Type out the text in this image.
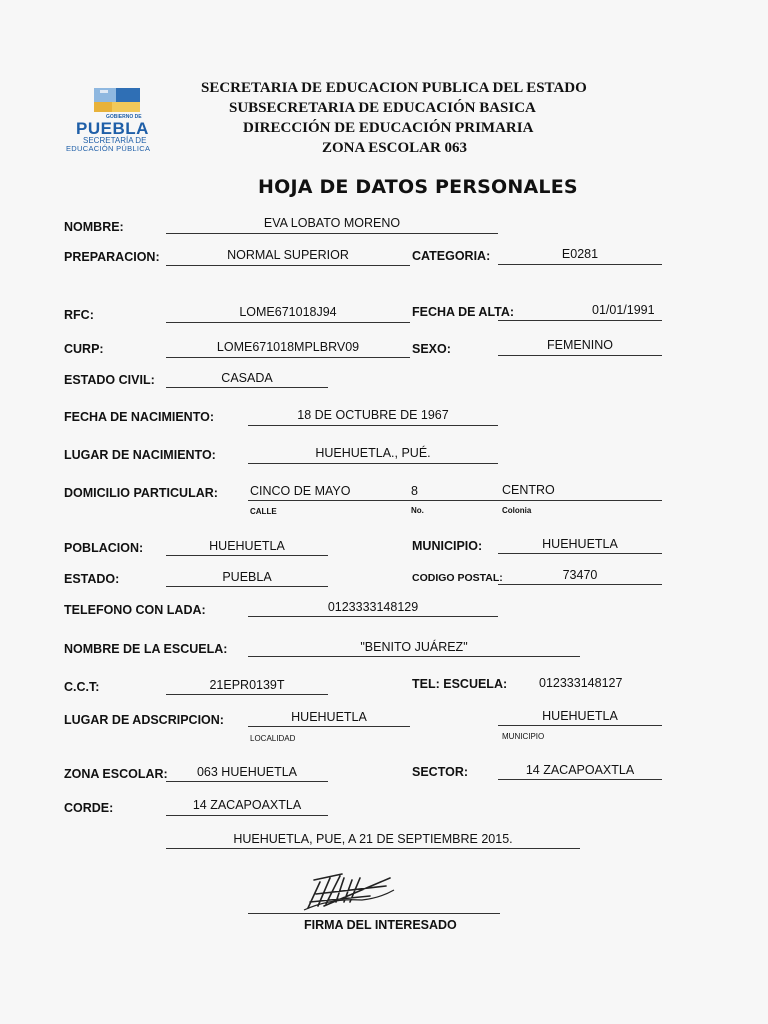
GOBIERNO DE
PUEBLA
SECRETARÍA DE
EDUCACIÓN PÚBLICA
SECRETARIA DE EDUCACION PUBLICA DEL ESTADO
SUBSECRETARIA DE EDUCACIÓN BASICA
DIRECCIÓN DE EDUCACIÓN PRIMARIA
ZONA ESCOLAR 063
HOJA DE DATOS PERSONALES
NOMBRE:	EVA LOBATO MORENO
PREPARACION:	NORMAL SUPERIOR	CATEGORIA:	E0281
RFC:	LOME671018J94	FECHA DE ALTA:	01/01/1991
CURP:	LOME671018MPLBRV09	SEXO:	FEMENINO
ESTADO CIVIL:	CASADA
FECHA DE NACIMIENTO:	18 DE OCTUBRE DE 1967
LUGAR DE NACIMIENTO:	HUEHUETLA., PUÉ.
DOMICILIO PARTICULAR:	CINCO DE MAYO	8	CENTRO
CALLE	No.	Colonia
POBLACION:	HUEHUETLA	MUNICIPIO:	HUEHUETLA
ESTADO:	PUEBLA	CODIGO POSTAL:	73470
TELEFONO CON LADA:	0123333148129
NOMBRE DE LA ESCUELA:	"BENITO JUÁREZ"
C.C.T:	21EPR0139T	TEL: ESCUELA:	012333148127
LUGAR DE ADSCRIPCION:	HUEHUETLA	HUEHUETLA
LOCALIDAD	MUNICIPIO
ZONA ESCOLAR:	063 HUEHUETLA	SECTOR:	14 ZACAPOAXTLA
CORDE:	14 ZACAPOAXTLA
HUEHUETLA, PUE, A 21 DE SEPTIEMBRE 2015.
FIRMA DEL INTERESADO
